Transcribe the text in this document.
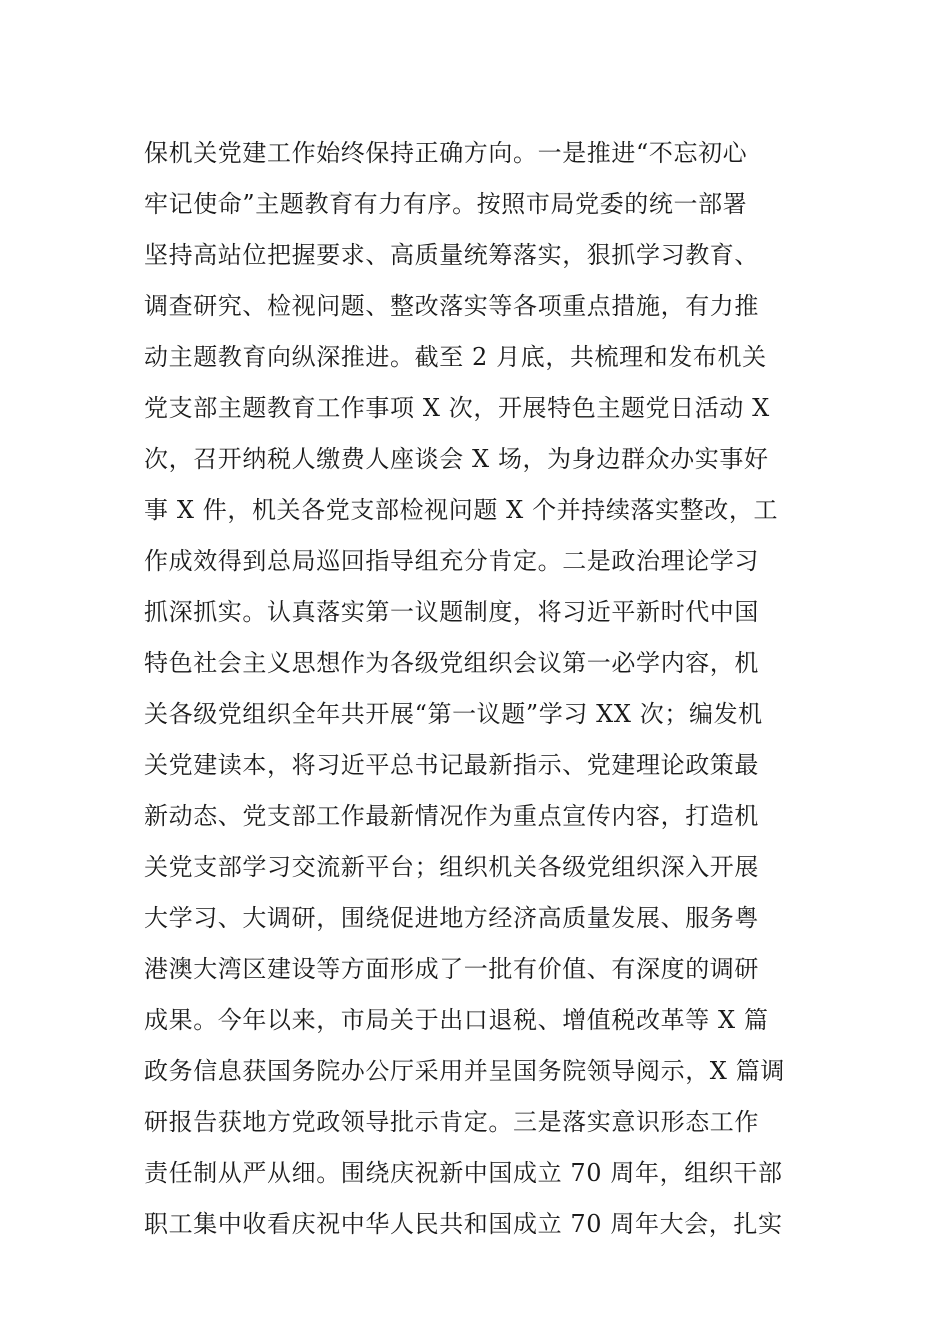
保机关党建工作始终保持正确方向。一是推进“不忘初心
牢记使命”主题教育有力有序。按照市局党委的统一部署
坚持高站位把握要求、高质量统筹落实，狠抓学习教育、
调查研究、检视问题、整改落实等各项重点措施，有力推
动主题教育向纵深推进。截至 2 月底，共梳理和发布机关
党支部主题教育工作事项 X 次，开展特色主题党日活动 X
次，召开纳税人缴费人座谈会 X 场，为身边群众办实事好
事 X 件，机关各党支部检视问题 X 个并持续落实整改，工
作成效得到总局巡回指导组充分肯定。二是政治理论学习
抓深抓实。认真落实第一议题制度，将习近平新时代中国
特色社会主义思想作为各级党组织会议第一必学内容，机
关各级党组织全年共开展“第一议题”学习 XX 次；编发机
关党建读本，将习近平总书记最新指示、党建理论政策最
新动态、党支部工作最新情况作为重点宣传内容，打造机
关党支部学习交流新平台；组织机关各级党组织深入开展
大学习、大调研，围绕促进地方经济高质量发展、服务粤
港澳大湾区建设等方面形成了一批有价值、有深度的调研
成果。今年以来，市局关于出口退税、增值税改革等 X 篇
政务信息获国务院办公厅采用并呈国务院领导阅示，X 篇调
研报告获地方党政领导批示肯定。三是落实意识形态工作
责任制从严从细。围绕庆祝新中国成立 70 周年，组织干部
职工集中收看庆祝中华人民共和国成立 70 周年大会，扎实
